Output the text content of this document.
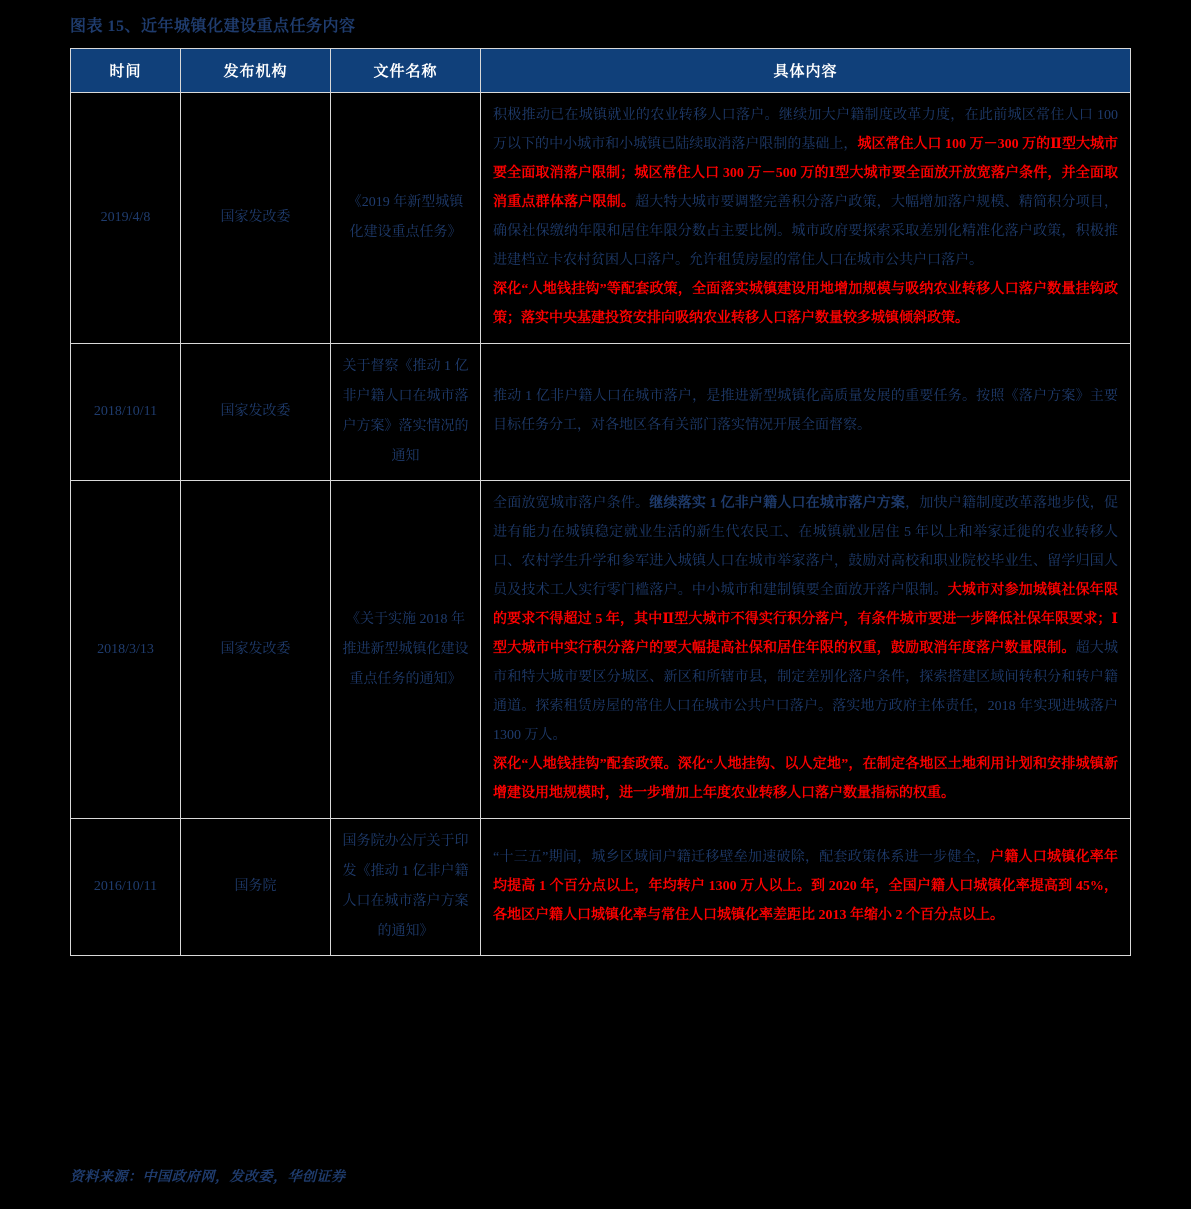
图表 15、近年城镇化建设重点任务内容
时间	发布机构	文件名称	具体内容
2019/4/8	国家发改委	《2019 年新型城镇化建设重点任务》	积极推动已在城镇就业的农业转移人口落户。继续加大户籍制度改革力度，在此前城区常住人口 100 万以下的中小城市和小城镇已陆续取消落户限制的基础上，城区常住人口 100 万－300 万的Ⅱ型大城市要全面取消落户限制；城区常住人口 300 万－500 万的Ⅰ型大城市要全面放开放宽落户条件，并全面取消重点群体落户限制。超大特大城市要调整完善积分落户政策，大幅增加落户规模、精简积分项目，确保社保缴纳年限和居住年限分数占主要比例。城市政府要探索采取差别化精准化落户政策，积极推进建档立卡农村贫困人口落户。允许租赁房屋的常住人口在城市公共户口落户。

深化“人地钱挂钩”等配套政策，全面落实城镇建设用地增加规模与吸纳农业转移人口落户数量挂钩政策；落实中央基建投资安排向吸纳农业转移人口落户数量较多城镇倾斜政策。

2018/10/11	国家发改委	关于督察《推动 1 亿非户籍人口在城市落户方案》落实情况的通知	推动 1 亿非户籍人口在城市落户，是推进新型城镇化高质量发展的重要任务。按照《落户方案》主要目标任务分工，对各地区各有关部门落实情况开展全面督察。

2018/3/13	国家发改委	《关于实施 2018 年推进新型城镇化建设重点任务的通知》	全面放宽城市落户条件。继续落实 1 亿非户籍人口在城市落户方案，加快户籍制度改革落地步伐，促进有能力在城镇稳定就业生活的新生代农民工、在城镇就业居住 5 年以上和举家迁徙的农业转移人口、农村学生升学和参军进入城镇人口在城市举家落户，鼓励对高校和职业院校毕业生、留学归国人员及技术工人实行零门槛落户。中小城市和建制镇要全面放开落户限制。大城市对参加城镇社保年限的要求不得超过 5 年，其中Ⅱ型大城市不得实行积分落户，有条件城市要进一步降低社保年限要求；Ⅰ型大城市中实行积分落户的要大幅提高社保和居住年限的权重，鼓励取消年度落户数量限制。超大城市和特大城市要区分城区、新区和所辖市县，制定差别化落户条件，探索搭建区域间转积分和转户籍通道。探索租赁房屋的常住人口在城市公共户口落户。落实地方政府主体责任，2018 年实现进城落户 1300 万人。

深化“人地钱挂钩”配套政策。深化“人地挂钩、以人定地”，在制定各地区土地利用计划和安排城镇新增建设用地规模时，进一步增加上年度农业转移人口落户数量指标的权重。

2016/10/11	国务院	国务院办公厅关于印发《推动 1 亿非户籍人口在城市落户方案的通知》	“十三五”期间，城乡区域间户籍迁移壁垒加速破除，配套政策体系进一步健全，户籍人口城镇化率年均提高 1 个百分点以上，年均转户 1300 万人以上。到 2020 年，全国户籍人口城镇化率提高到 45%，各地区户籍人口城镇化率与常住人口城镇化率差距比 2013 年缩小 2 个百分点以上。

资料来源：中国政府网，发改委，华创证券
